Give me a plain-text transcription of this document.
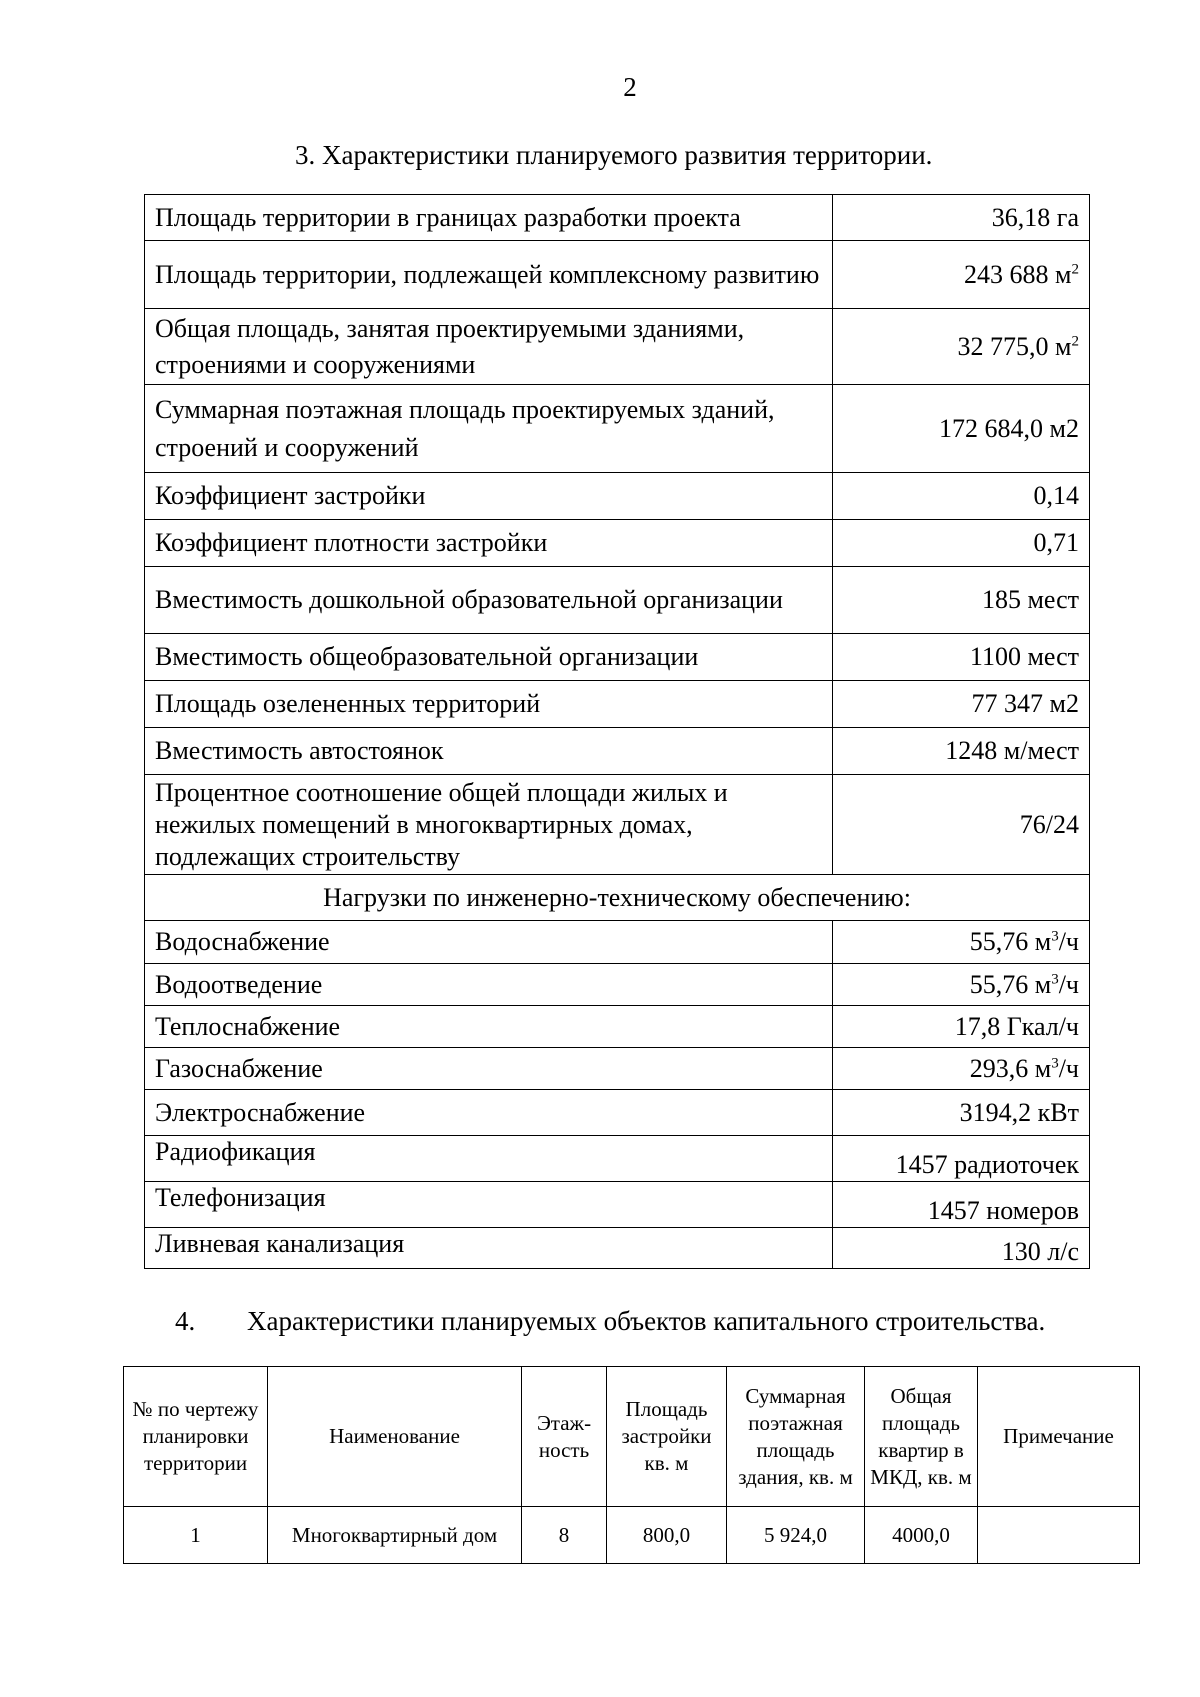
2
3. Характеристики планируемого развития территории.
Площадь территории в границах разработки проекта	36,18 га
Площадь территории, подлежащей комплексному развитию	243 688 $м^2$
Общая площадь, занятая проектируемыми зданиями, строениями и сооружениями	32 775,0 $м^2$
Суммарная поэтажная площадь проектируемых зданий, строений и сооружений	172 684,0 м2
Коэффициент застройки	0,14
Коэффициент плотности застройки	0,71
Вместимость дошкольной образовательной организации	185 мест
Вместимость общеобразовательной организации	1100 мест
Площадь озелененных территорий	77 347 м2
Вместимость автостоянок	1248 м/мест
Процентное соотношение общей площади жилых и нежилых помещений в многоквартирных домах, подлежащих строительству	76/24
Нагрузки по инженерно-техническому обеспечению:	
Водоснабжение	55,76 $м^3/ч$
Водоотведение	55,76 $м^3/ч$
Теплоснабжение	17,8 Гкал/ч
Газоснабжение	293,6 $м^3/ч$
Электроснабжение	3194,2 кВт
Радиофикация	1457 радиоточек
Телефонизация	1457 номеров
Ливневая канализация	130 л/с
4. Характеристики планируемых объектов капитального строительства.
№ по чертежу планировки территории	Наименование	Этаж-ность	Площадь застройки кв. м	Суммарная поэтажная площадь здания, кв. м	Общая площадь квартир в МКД, кв. м	Примечание
1	Многоквартирный дом	8	800,0	5 924,0	4000,0	
